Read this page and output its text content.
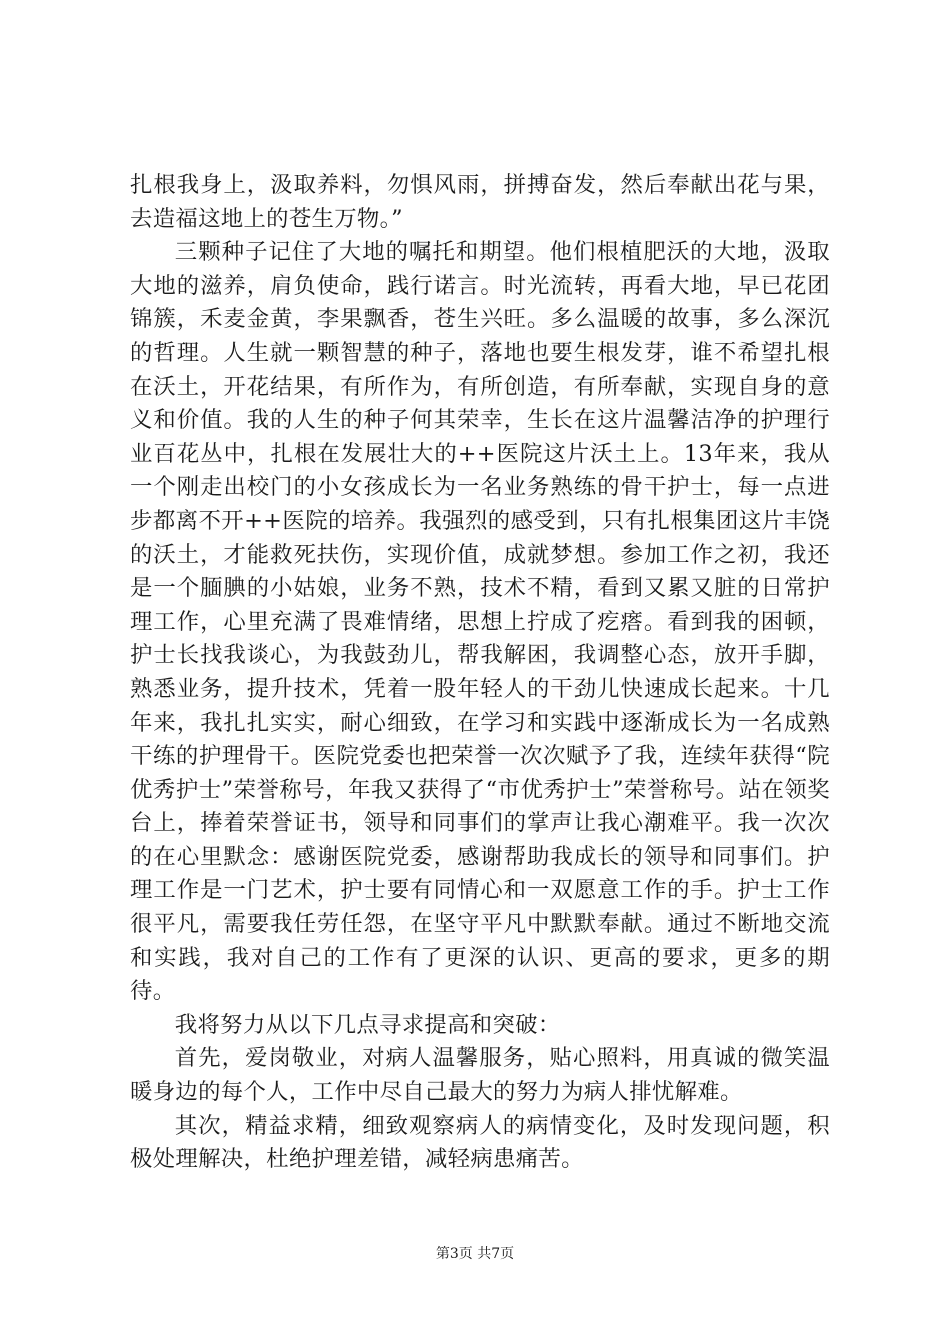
扎根我身上，汲取养料，勿惧风雨，拼搏奋发，然后奉献出花与果，去造福这地上的苍生万物。”

三颗种子记住了大地的嘱托和期望。他们根植肥沃的大地，汲取大地的滋养，肩负使命，践行诺言。时光流转，再看大地，早已花团锦簇，禾麦金黄，李果飘香，苍生兴旺。多么温暖的故事，多么深沉的哲理。人生就一颗智慧的种子，落地也要生根发芽，谁不希望扎根在沃土，开花结果，有所作为，有所创造，有所奉献，实现自身的意义和价值。我的人生的种子何其荣幸，生长在这片温馨洁净的护理行业百花丛中，扎根在发展壮大的++医院这片沃土上。13年来，我从一个刚走出校门的小女孩成长为一名业务熟练的骨干护士，每一点进步都离不开++医院的培养。我强烈的感受到，只有扎根集团这片丰饶的沃土，才能救死扶伤，实现价值，成就梦想。参加工作之初，我还是一个腼腆的小姑娘，业务不熟，技术不精，看到又累又脏的日常护理工作，心里充满了畏难情绪，思想上拧成了疙瘩。看到我的困顿，护士长找我谈心，为我鼓劲儿，帮我解困，我调整心态，放开手脚，熟悉业务，提升技术，凭着一股年轻人的干劲儿快速成长起来。十几年来，我扎扎实实，耐心细致，在学习和实践中逐渐成长为一名成熟干练的护理骨干。医院党委也把荣誉一次次赋予了我，连续年获得“院优秀护士”荣誉称号，年我又获得了“市优秀护士”荣誉称号。站在领奖台上，捧着荣誉证书，领导和同事们的掌声让我心潮难平。我一次次的在心里默念：感谢医院党委，感谢帮助我成长的领导和同事们。护理工作是一门艺术，护士要有同情心和一双愿意工作的手。护士工作很平凡，需要我任劳任怨，在坚守平凡中默默奉献。通过不断地交流和实践，我对自己的工作有了更深的认识、更高的要求，更多的期待。

我将努力从以下几点寻求提高和突破：

首先，爱岗敬业，对病人温馨服务，贴心照料，用真诚的微笑温暖身边的每个人，工作中尽自己最大的努力为病人排忧解难。

其次，精益求精，细致观察病人的病情变化，及时发现问题，积极处理解决，杜绝护理差错，减轻病患痛苦。

第3页 共7页
